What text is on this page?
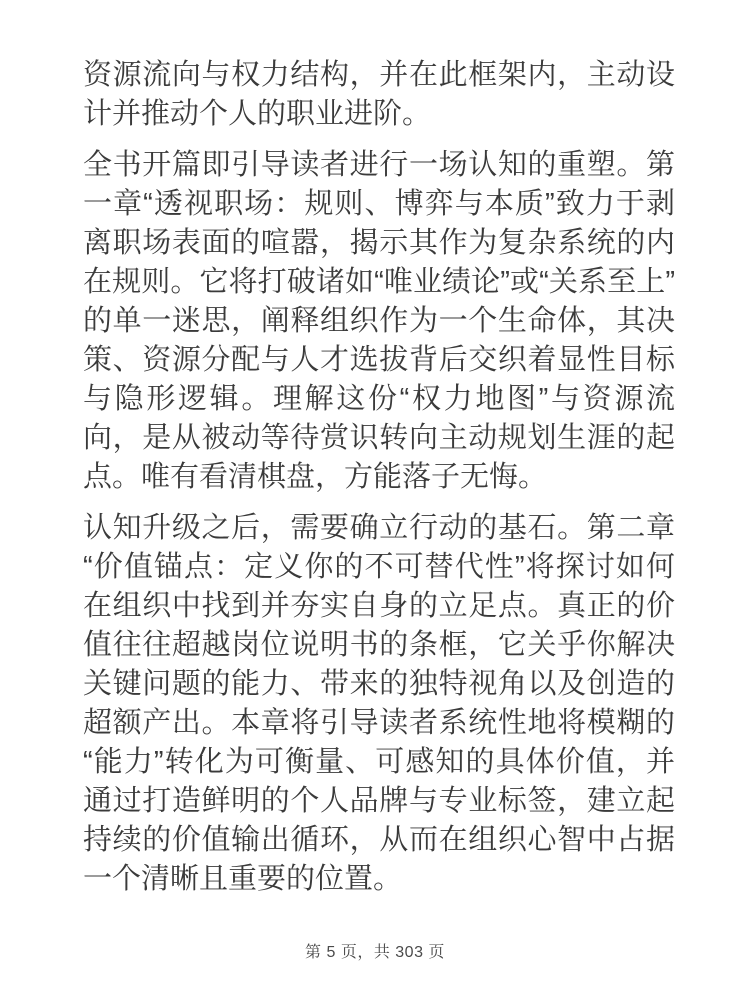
资源流向与权力结构，并在此框架内，主动设计并推动个人的职业进阶。

全书开篇即引导读者进行一场认知的重塑。第一章“透视职场：规则、博弈与本质”致力于剥离职场表面的喧嚣，揭示其作为复杂系统的内在规则。它将打破诸如“唯业绩论”或“关系至上”的单一迷思，阐释组织作为一个生命体，其决策、资源分配与人才选拔背后交织着显性目标与隐形逻辑。理解这份“权力地图”与资源流向，是从被动等待赏识转向主动规划生涯的起点。唯有看清棋盘，方能落子无悔。

认知升级之后，需要确立行动的基石。第二章“价值锚点：定义你的不可替代性”将探讨如何在组织中找到并夯实自身的立足点。真正的价值往往超越岗位说明书的条框，它关乎你解决关键问题的能力、带来的独特视角以及创造的超额产出。本章将引导读者系统性地将模糊的“能力”转化为可衡量、可感知的具体价值，并通过打造鲜明的个人品牌与专业标签，建立起持续的价值输出循环，从而在组织心智中占据一个清晰且重要的位置。

第 5 页，共 303 页
